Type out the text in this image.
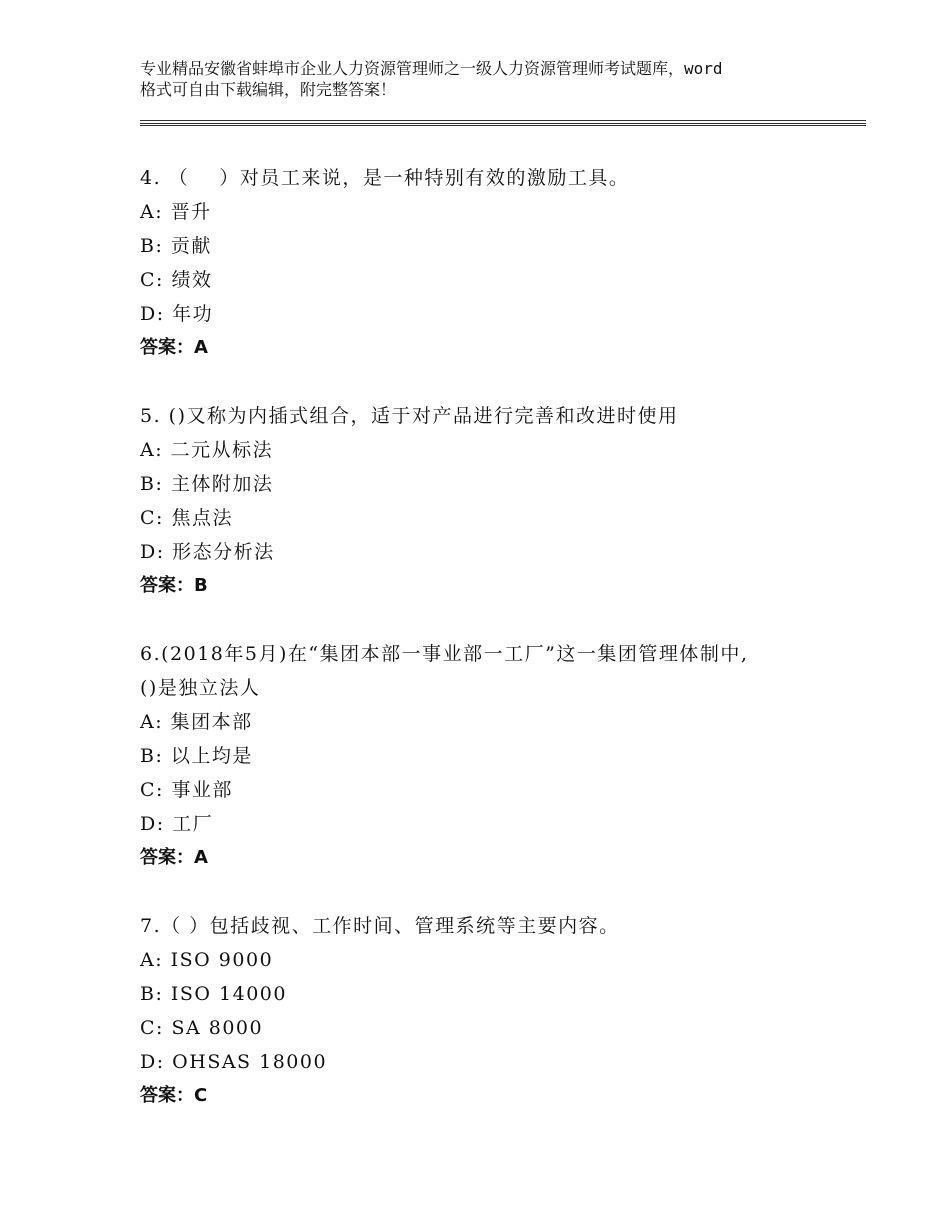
专业精品安徽省蚌埠市企业人力资源管理师之一级人力资源管理师考试题库，word
格式可自由下载编辑，附完整答案！
4. （    ）对员工来说，是一种特别有效的激励工具。
A: 晋升
B: 贡献
C: 绩效
D: 年功
答案：A
5. ()又称为内插式组合，适于对产品进行完善和改进时使用
A: 二元从标法
B: 主体附加法
C: 焦点法
D: 形态分析法
答案：B
6.(2018年5月)在“集团本部一事业部一工厂”这一集团管理体制中,
()是独立法人
A: 集团本部
B: 以上均是
C: 事业部
D: 工厂
答案：A
7.（ ）包括歧视、工作时间、管理系统等主要内容。
A: ISO 9000
B: ISO 14000
C: SA 8000
D: OHSAS 18000
答案：C
